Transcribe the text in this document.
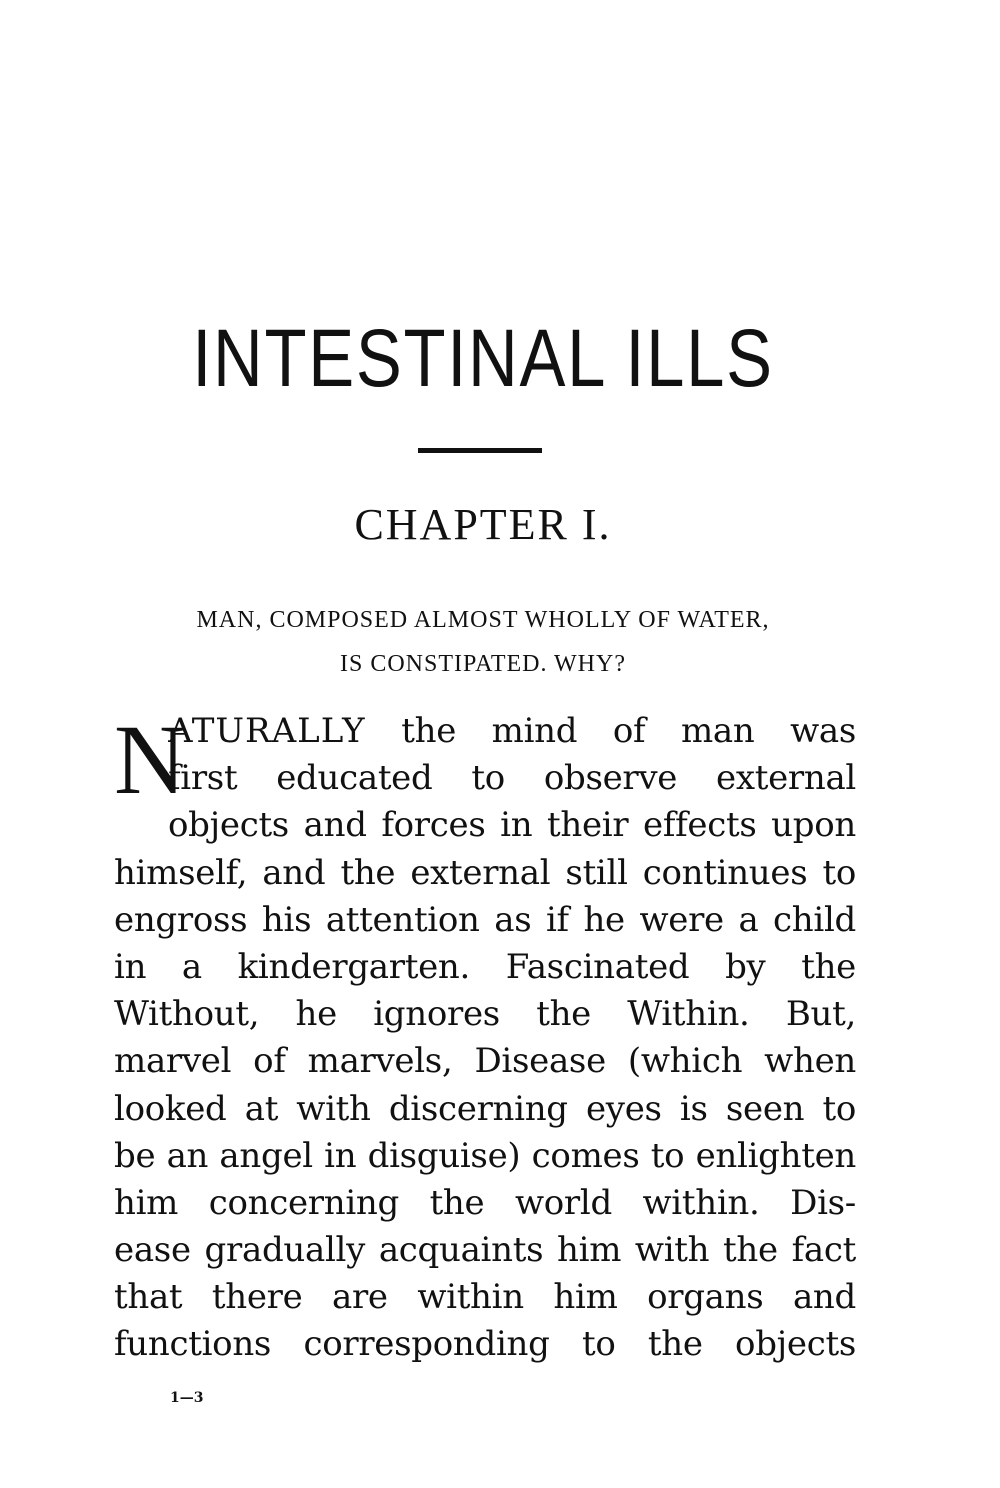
INTESTINAL ILLS
CHAPTER I.
MAN, COMPOSED ALMOST WHOLLY OF WATER,
IS CONSTIPATED. WHY?
N
ATURALLY the mind of man was
first educated to observe external
objects and forces in their effects upon
himself, and the external still continues to
engross his attention as if he were a child
in a kindergarten. Fascinated by the
Without, he ignores the Within. But,
marvel of marvels, Disease (which when
looked at with discerning eyes is seen to
be an angel in disguise) comes to enlighten
him concerning the world within. Dis-
ease gradually acquaints him with the fact
that there are within him organs and
functions corresponding to the objects
1—3
